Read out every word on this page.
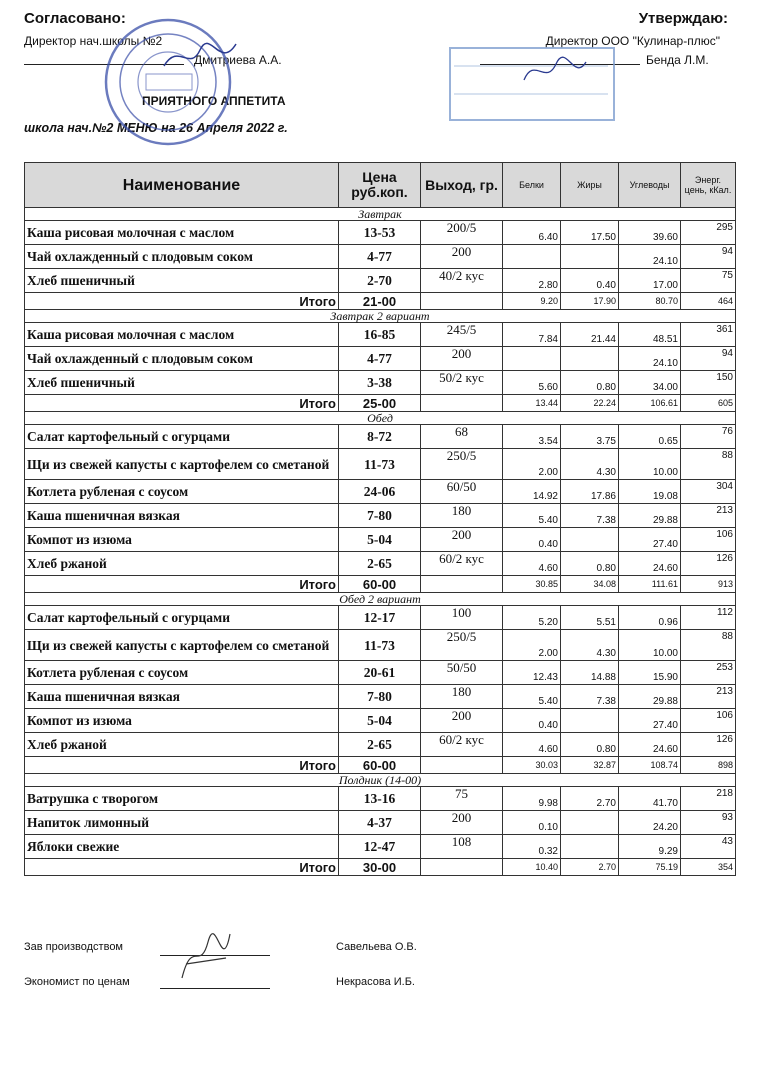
Согласовано:
Директор нач.школы №2
Дмитриева А.А.
Утверждаю:
Директор ООО "Кулинар-плюс"
Бенда Л.М.
ПРИЯТНОГО АППЕТИТА
школа нач.№2 МЕНЮ на 26 Апреля 2022 г.
Наименование	Цена руб.коп.	Выход, гр.	Белки	Жиры	Углеводы	Энерг. цень, кКал.
Завтрак						
Каша рисовая молочная с маслом	13-53	200/5	6.40	17.50	39.60	295
Чай охлажденный с плодовым соком	4-77	200			24.10	94
Хлеб пшеничный	2-70	40/2 кус	2.80	0.40	17.00	75
Итого	21-00		9.20	17.90	80.70	464
Завтрак 2 вариант						
Каша рисовая молочная с маслом	16-85	245/5	7.84	21.44	48.51	361
Чай охлажденный с плодовым соком	4-77	200			24.10	94
Хлеб пшеничный	3-38	50/2 кус	5.60	0.80	34.00	150
Итого	25-00		13.44	22.24	106.61	605
Обед						
Салат картофельный с огурцами	8-72	68	3.54	3.75	0.65	76
Щи из свежей капусты с картофелем со сметаной	11-73	250/5	2.00	4.30	10.00	88
Котлета рубленая с соусом	24-06	60/50	14.92	17.86	19.08	304
Каша пшеничная вязкая	7-80	180	5.40	7.38	29.88	213
Компот из изюма	5-04	200	0.40		27.40	106
Хлеб ржаной	2-65	60/2 кус	4.60	0.80	24.60	126
Итого	60-00		30.85	34.08	111.61	913
Обед 2 вариант						
Салат картофельный с огурцами	12-17	100	5.20	5.51	0.96	112
Щи из свежей капусты с картофелем со сметаной	11-73	250/5	2.00	4.30	10.00	88
Котлета рубленая с соусом	20-61	50/50	12.43	14.88	15.90	253
Каша пшеничная вязкая	7-80	180	5.40	7.38	29.88	213
Компот из изюма	5-04	200	0.40		27.40	106
Хлеб ржаной	2-65	60/2 кус	4.60	0.80	24.60	126
Итого	60-00		30.03	32.87	108.74	898
Полдник (14-00)						
Ватрушка с творогом	13-16	75	9.98	2.70	41.70	218
Напиток лимонный	4-37	200	0.10		24.20	93
Яблоки свежие	12-47	108	0.32		9.29	43
Итого	30-00		10.40	2.70	75.19	354
Зав производством	Савельева О.В.
Экономист по ценам	Некрасова И.Б.
